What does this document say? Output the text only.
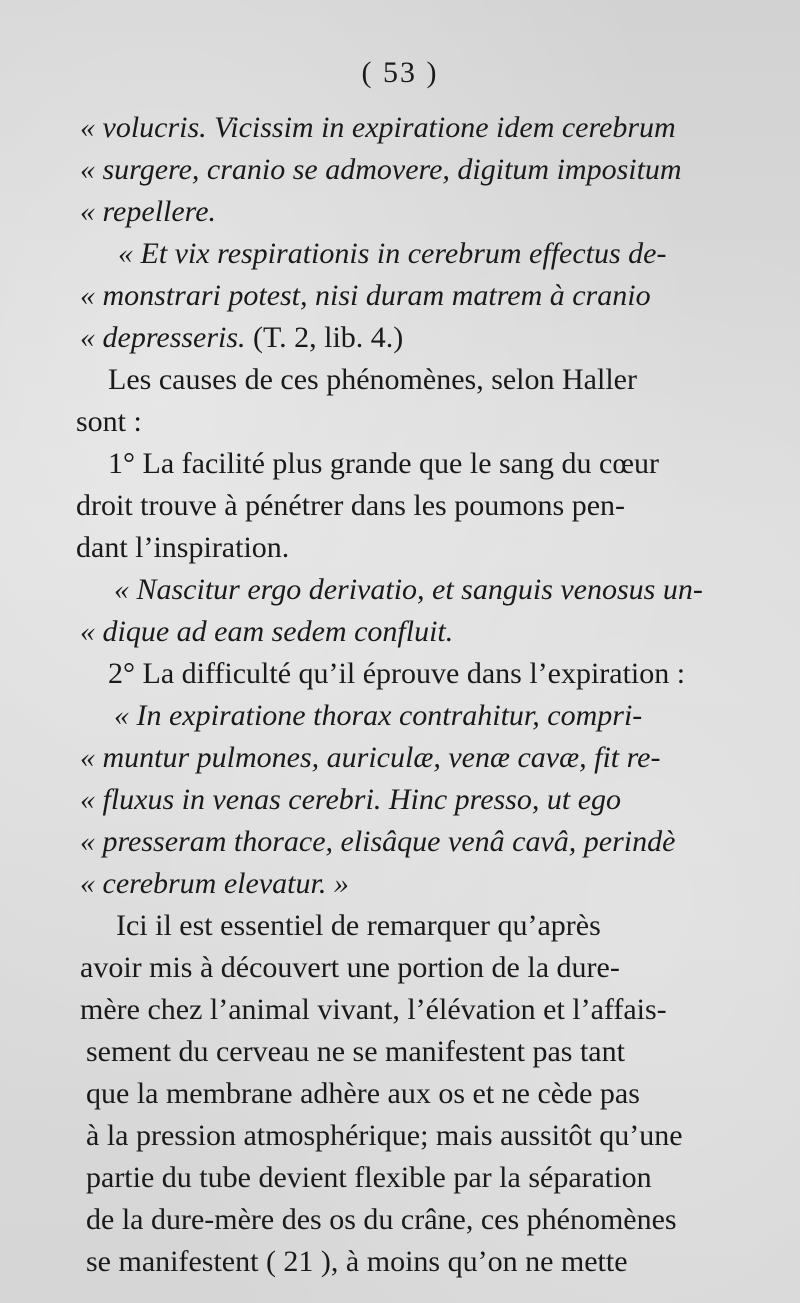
( 53 )
« volucris. Vicissim in expiratione idem cerebrum
« surgere, cranio se admovere, digitum impositum
« repellere.
« Et vix respirationis in cerebrum effectus de-
« monstrari potest, nisi duram matrem à cranio
« depresseris. (T. 2, lib. 4.)
Les causes de ces phénomènes, selon Haller
sont :
1° La facilité plus grande que le sang du cœur
droit trouve à pénétrer dans les poumons pen-
dant l’inspiration.
« Nascitur ergo derivatio, et sanguis venosus un-
« dique ad eam sedem confluit.
2° La difficulté qu’il éprouve dans l’expiration :
« In expiratione thorax contrahitur, compri-
« muntur pulmones, auriculæ, venæ cavæ, fit re-
« fluxus in venas cerebri. Hinc presso, ut ego
« presseram thorace, elisâque venâ cavâ, perindè
« cerebrum elevatur. »
Ici il est essentiel de remarquer qu’après
avoir mis à découvert une portion de la dure-
mère chez l’animal vivant, l’élévation et l’affais-
sement du cerveau ne se manifestent pas tant
que la membrane adhère aux os et ne cède pas
à la pression atmosphérique; mais aussitôt qu’une
partie du tube devient flexible par la séparation
de la dure-mère des os du crâne, ces phénomènes
se manifestent ( 21 ), à moins qu’on ne mette
